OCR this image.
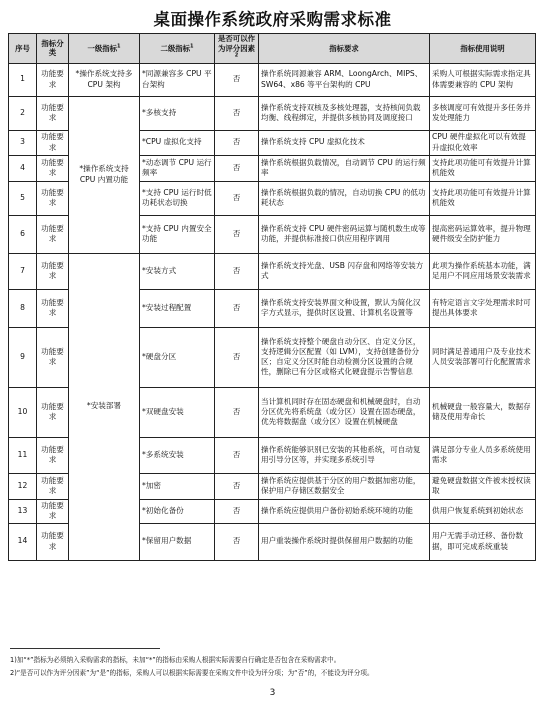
桌面操作系统政府采购需求标准
序号	指标分类	一级指标$^1$	二级指标$^1$	是否可以作为评分因素$^2$	指标要求	指标使用说明
1	功能要求	*操作系统支持多 CPU 架构	*同源兼容多 CPU 平台架构	否	操作系统同源兼容 ARM、LoongArch、MIPS、SW64、x86 等平台架构的 CPU	采购人可根据实际需求指定具体需要兼容的 CPU 架构
2	功能要求	*操作系统支持 CPU 内置功能	*多核支持	否	操作系统支持双核及多核处理器，支持核间负载均衡、线程绑定，并提供多核协同及调度接口	多核调度可有效提升多任务并发处理能力
3	功能要求		*CPU 虚拟化支持	否	操作系统支持 CPU 虚拟化技术	CPU 硬件虚拟化可以有效提升虚拟化效率
4	功能要求		*动态调节 CPU 运行频率	否	操作系统根据负载情况，自动调节 CPU 的运行频率	支持此项功能可有效提升计算机能效
5	功能要求		*支持 CPU 运行时低功耗状态切换	否	操作系统根据负载的情况，自动切换 CPU 的低功耗状态	支持此项功能可有效提升计算机能效
6	功能要求		*支持 CPU 内置安全功能	否	操作系统支持 CPU 硬件密码运算与随机数生成等功能，并提供标准接口供应用程序调用	提高密码运算效率，提升物理硬件级安全防护能力
7	功能要求	*安装部署	*安装方式	否	操作系统支持光盘、USB 闪存盘和网络等安装方式	此项为操作系统基本功能，满足用户不同应用场景安装需求
8	功能要求		*安装过程配置	否	操作系统支持安装界面文种设置，默认为简化汉字方式显示，提供时区设置、计算机名设置等	有特定语言文字处理需求时可提出具体要求
9	功能要求		*硬盘分区	否	操作系统支持整个硬盘自动分区、自定义分区，支持逻辑分区配置（如 LVM），支持创建备份分区；自定义分区时能自动检测分区设置的合规性，删除已有分区或格式化硬盘提示告警信息	同时满足普通用户及专业技术人员安装部署可行化配置需求
10	功能要求		*双硬盘安装	否	当计算机同时存在固态硬盘和机械硬盘时，自动分区优先将系统盘（或分区）设置在固态硬盘，优先将数据盘（或分区）设置在机械硬盘	机械硬盘一般容量大，数据存储及使用寿命长
11	功能要求		*多系统安装	否	操作系统能够识别已安装的其他系统，可自动复用引导分区等，并实现多系统引导	满足部分专业人员多系统使用需求
12	功能要求		*加密	否	操作系统应提供基于分区的用户数据加密功能，保护用户存储区数据安全	避免硬盘数据文件被未授权读取
13	功能要求		*初始化备份	否	操作系统应提供用户备份初始系统环境的功能	供用户恢复系统到初始状态
14	功能要求		*保留用户数据	否	用户重装操作系统时提供保留用户数据的功能	用户无需手动迁移、备份数据，即可完成系统重装
1)加“*”指标为必须纳入采购需求的指标，未加“*”的指标由采购人根据实际需要自行确定是否包含在采购需求中。
2)“是否可以作为评分因素”为“是”的指标，采购人可以根据实际需要在采购文件中设为评分项；为“否”的，不能设为评分项。
3
